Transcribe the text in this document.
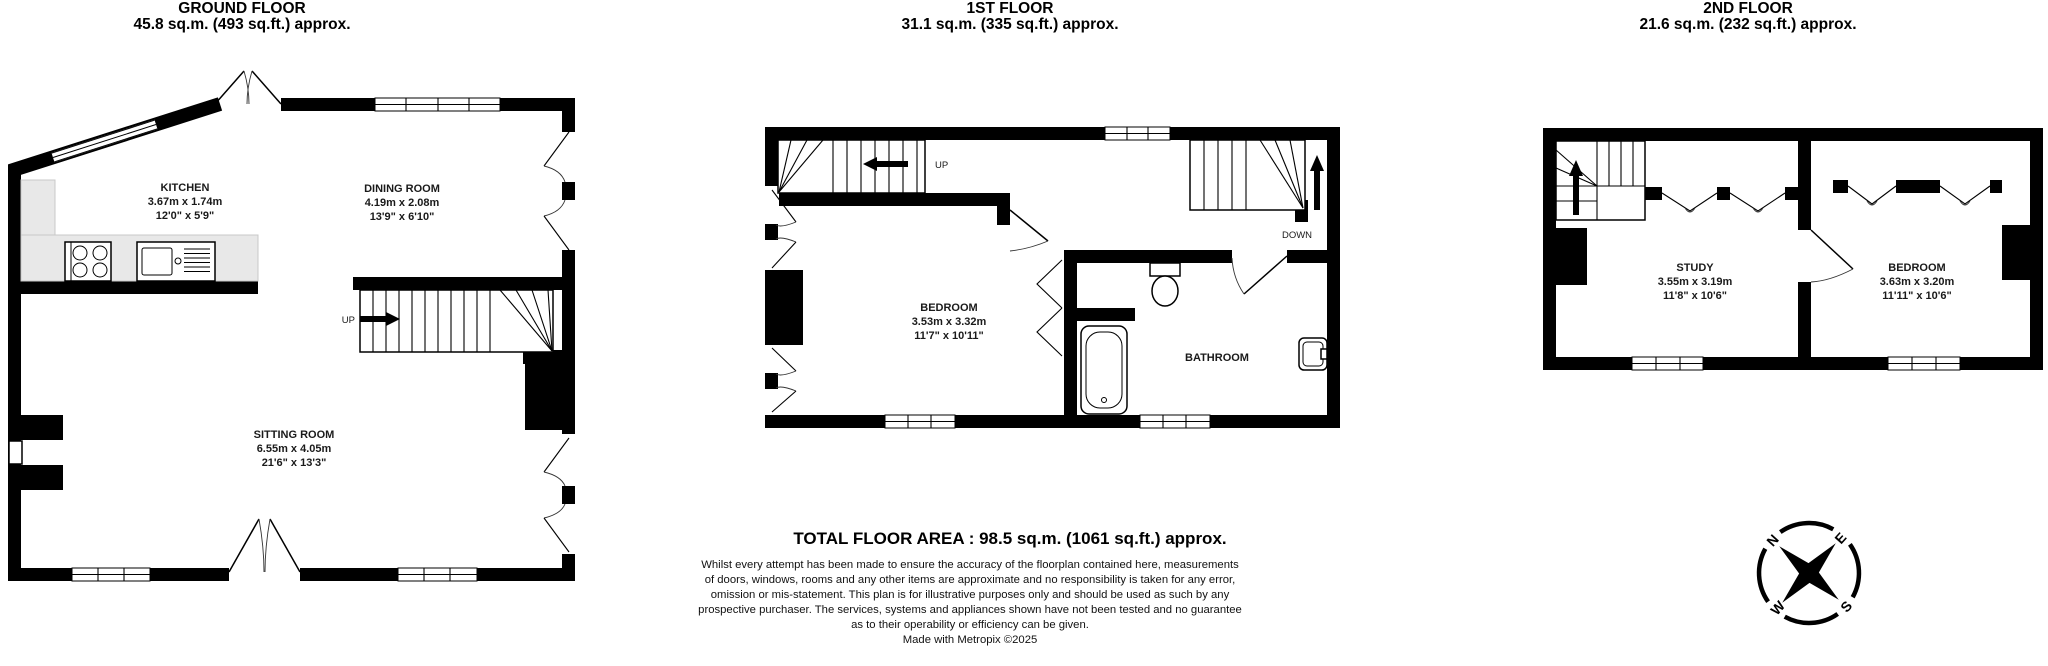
GROUND FLOOR
45.8 sq.m. (493 sq.ft.) approx.
1ST FLOOR
31.1 sq.m. (335 sq.ft.) approx.
2ND FLOOR
21.6 sq.m. (232 sq.ft.) approx.
UP
KITCHEN
3.67m x 1.74m
12'0" x 5'9"
DINING ROOM
4.19m x 2.08m
13'9" x 6'10"
SITTING ROOM
6.55m x 4.05m
21'6" x 13'3"
UP
DOWN
BEDROOM
3.53m x 3.32m
11'7" x 10'11"
BATHROOM
STUDY
3.55m x 3.19m
11'8" x 10'6"
BEDROOM
3.63m x 3.20m
11'11" x 10'6"
TOTAL FLOOR AREA : 98.5 sq.m. (1061 sq.ft.) approx.
Whilst every attempt has been made to ensure the accuracy of the floorplan contained here, measurements
of doors, windows, rooms and any other items are approximate and no responsibility is taken for any error,
omission or mis-statement. This plan is for illustrative purposes only and should be used as such by any
prospective purchaser. The services, systems and appliances shown have not been tested and no guarantee
as to their operability or efficiency can be given.
Made with Metropix ©2025
N	E
S
W
